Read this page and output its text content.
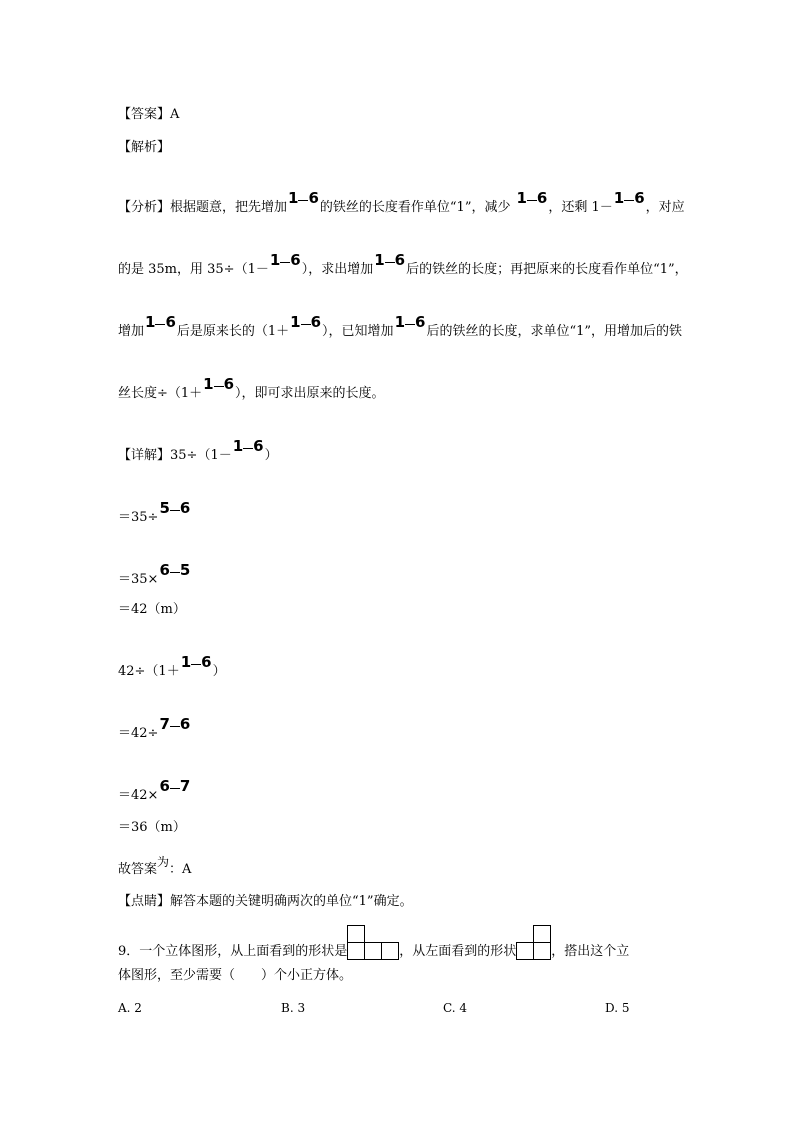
【答案】 A
【解析】
【分析】 根据题意，把先增加
1 6
的铁丝的长度看作单位“1”，减少
1 6
，还剩 1－
1 6
，对应
的是 35m，用 35÷（1－
1 6
），求出增加
1 6
后的铁丝的长度；再把原来的长度看作单位“1”，
增加
1 6
后是原来长的（1＋
1 6
），已知增加
1 6
后的铁丝的长度，求单位“1”，用增加后的铁
丝长度÷（1＋
1 6
），即可求出原来的长度。
【详解】 35÷（1－
1 6
）
＝35÷
5 6
＝35×
6 5
＝42（m）
42÷（1＋
1 6
）
＝42÷
7 6
＝42×
6 7
＝36（m）
故答案 为 ：A
【点睛】 解答本题的关键明确两次的单位“1”确定。
9．一个立体图形，从上面看到的形状是	，从左面看到的形状	，搭出这个立
体图形，至少需要（　　）个小正方体。
A. 2	B. 3	C. 4	D. 5
